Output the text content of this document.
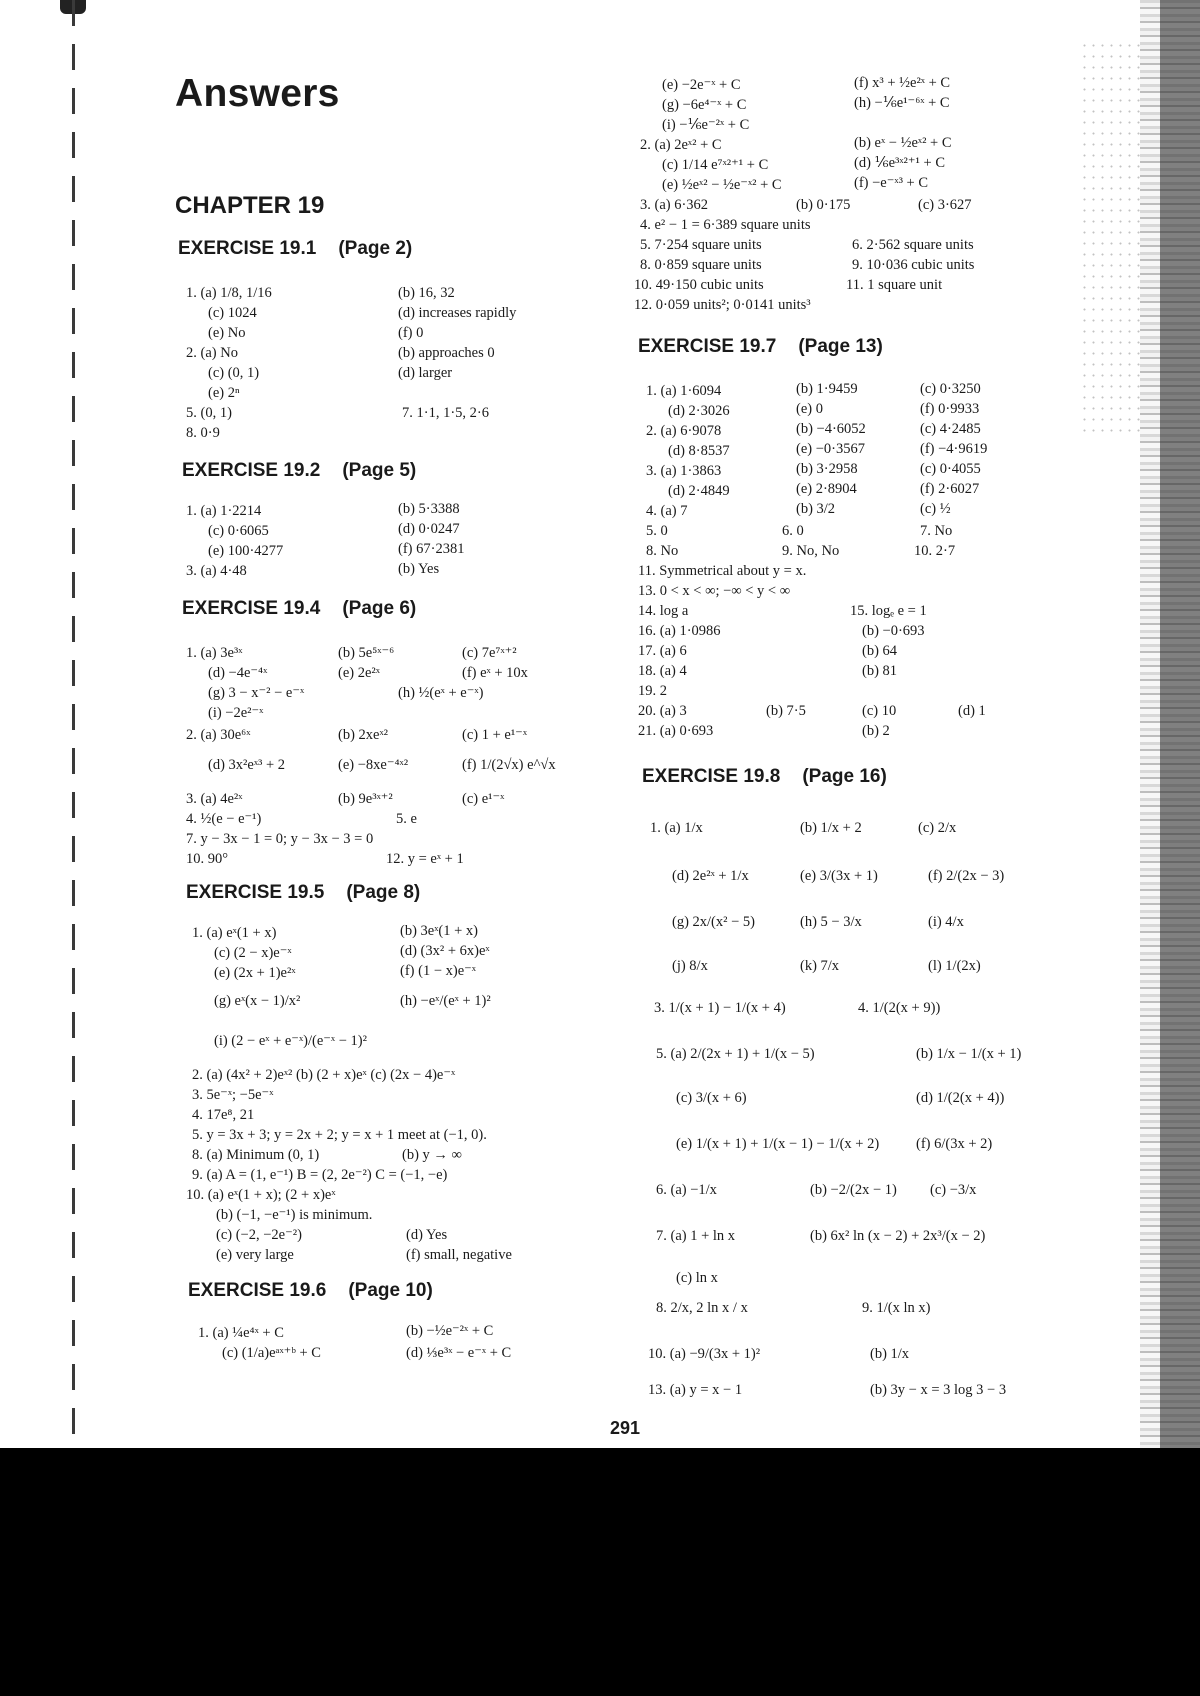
Answers
CHAPTER 19
EXERCISE 19.1 (Page 2)
1. (a) 1/8, 1/16	(b) 16, 32
(c) 1024	(d) increases rapidly
(e) No	(f) 0
2. (a) No	(b) approaches 0
(c) (0, 1)	(d) larger
(e) 2ⁿ
5. (0, 1)	7. 1·1, 1·5, 2·6
8. 0·9
EXERCISE 19.2 (Page 5)
1. (a) 1·2214	(b) 5·3388
(c) 0·6065	(d) 0·0247
(e) 100·4277	(f) 67·2381
3. (a) 4·48	(b) Yes
EXERCISE 19.4 (Page 6)
1. (a) 3e³ˣ	(b) 5e⁵ˣ⁻⁶	(c) 7e⁷ˣ⁺²
(d) −4e⁻⁴ˣ	(e) 2e²ˣ	(f) eˣ + 10x
(g) 3 − x⁻² − e⁻ˣ	(h) ½(eˣ + e⁻ˣ)
(i) −2e²⁻ˣ
2. (a) 30e⁶ˣ	(b) 2xeˣ²	(c) 1 + e¹⁻ˣ
(d) 3x²eˣ³ + 2	(e) −8xe⁻⁴ˣ²	(f) 1/(2√x) e^√x
3. (a) 4e²ˣ	(b) 9e³ˣ⁺²	(c) e¹⁻ˣ
4. ½(e − e⁻¹)	5. e
7. y − 3x − 1 = 0; y − 3x − 3 = 0
10. 90°	12. y = eˣ + 1
EXERCISE 19.5 (Page 8)
1. (a) eˣ(1 + x)	(b) 3eˣ(1 + x)
(c) (2 − x)e⁻ˣ	(d) (3x² + 6x)eˣ
(e) (2x + 1)e²ˣ	(f) (1 − x)e⁻ˣ
(g) eˣ(x − 1)/x²	(h) −eˣ/(eˣ + 1)²
(i) (2 − eˣ + e⁻ˣ)/(e⁻ˣ − 1)²
2. (a) (4x² + 2)eˣ² (b) (2 + x)eˣ (c) (2x − 4)e⁻ˣ
3. 5e⁻ˣ; −5e⁻ˣ
4. 17e⁸, 21
5. y = 3x + 3; y = 2x + 2; y = x + 1 meet at (−1, 0).
8. (a) Minimum (0, 1)	(b) y → ∞
9. (a) A = (1, e⁻¹) B = (2, 2e⁻²) C = (−1, −e)
10. (a) eˣ(1 + x); (2 + x)eˣ
(b) (−1, −e⁻¹) is minimum.
(c) (−2, −2e⁻²)	(d) Yes
(e) very large	(f) small, negative
EXERCISE 19.6 (Page 10)
1. (a) ¼e⁴ˣ + C	(b) −½e⁻²ˣ + C
(c) (1/a)eᵃˣ⁺ᵇ + C	(d) ⅓e³ˣ − e⁻ˣ + C
(e) −2e⁻ˣ + C	(f) x³ + ½e²ˣ + C
(g) −6e⁴⁻ˣ + C	(h) −⅙e¹⁻⁶ˣ + C
(i) −⅙e⁻²ˣ + C
2. (a) 2eˣ² + C	(b) eˣ − ½eˣ² + C
(c) 1/14 e⁷ˣ²⁺¹ + C	(d) ⅙e³ˣ²⁺¹ + C
(e) ½eˣ² − ½e⁻ˣ² + C	(f) −e⁻ˣ³ + C
3. (a) 6·362	(b) 0·175	(c) 3·627
4. e² − 1 = 6·389 square units
5. 7·254 square units	6. 2·562 square units
8. 0·859 square units	9. 10·036 cubic units
10. 49·150 cubic units	11. 1 square unit
12. 0·059 units²; 0·0141 units³
EXERCISE 19.7 (Page 13)
1. (a) 1·6094	(b) 1·9459	(c) 0·3250
(d) 2·3026	(e) 0	(f) 0·9933
2. (a) 6·9078	(b) −4·6052	(c) 4·2485
(d) 8·8537	(e) −0·3567	(f) −4·9619
3. (a) 1·3863	(b) 3·2958	(c) 0·4055
(d) 2·4849	(e) 2·8904	(f) 2·6027
4. (a) 7	(b) 3/2	(c) ½
5. 0	6. 0	7. No
8. No	9. No, No	10. 2·7
11. Symmetrical about y = x.
13. 0 < x < ∞; −∞ < y < ∞
14. log a	15. logₑ e = 1
16. (a) 1·0986	(b) −0·693
17. (a) 6	(b) 64
18. (a) 4	(b) 81
19. 2
20. (a) 3	(b) 7·5	(c) 10	(d) 1
21. (a) 0·693	(b) 2
EXERCISE 19.8 (Page 16)
1. (a) 1/x	(b) 1/x + 2	(c) 2/x
(d) 2e²ˣ + 1/x	(e) 3/(3x + 1)	(f) 2/(2x − 3)
(g) 2x/(x² − 5)	(h) 5 − 3/x	(i) 4/x
(j) 8/x	(k) 7/x	(l) 1/(2x)
3. 1/(x + 1) − 1/(x + 4)	4. 1/(2(x + 9))
5. (a) 2/(2x + 1) + 1/(x − 5)	(b) 1/x − 1/(x + 1)
(c) 3/(x + 6)	(d) 1/(2(x + 4))
(e) 1/(x + 1) + 1/(x − 1) − 1/(x + 2)	(f) 6/(3x + 2)
6. (a) −1/x	(b) −2/(2x − 1) (c) −3/x
7. (a) 1 + ln x	(b) 6x² ln (x − 2) + 2x³/(x − 2)
(c) ln x
8. 2/x, 2 ln x / x	9. 1/(x ln x)
10. (a) −9/(3x + 1)²	(b) 1/x
13. (a) y = x − 1	(b) 3y − x = 3 log 3 − 3
291
